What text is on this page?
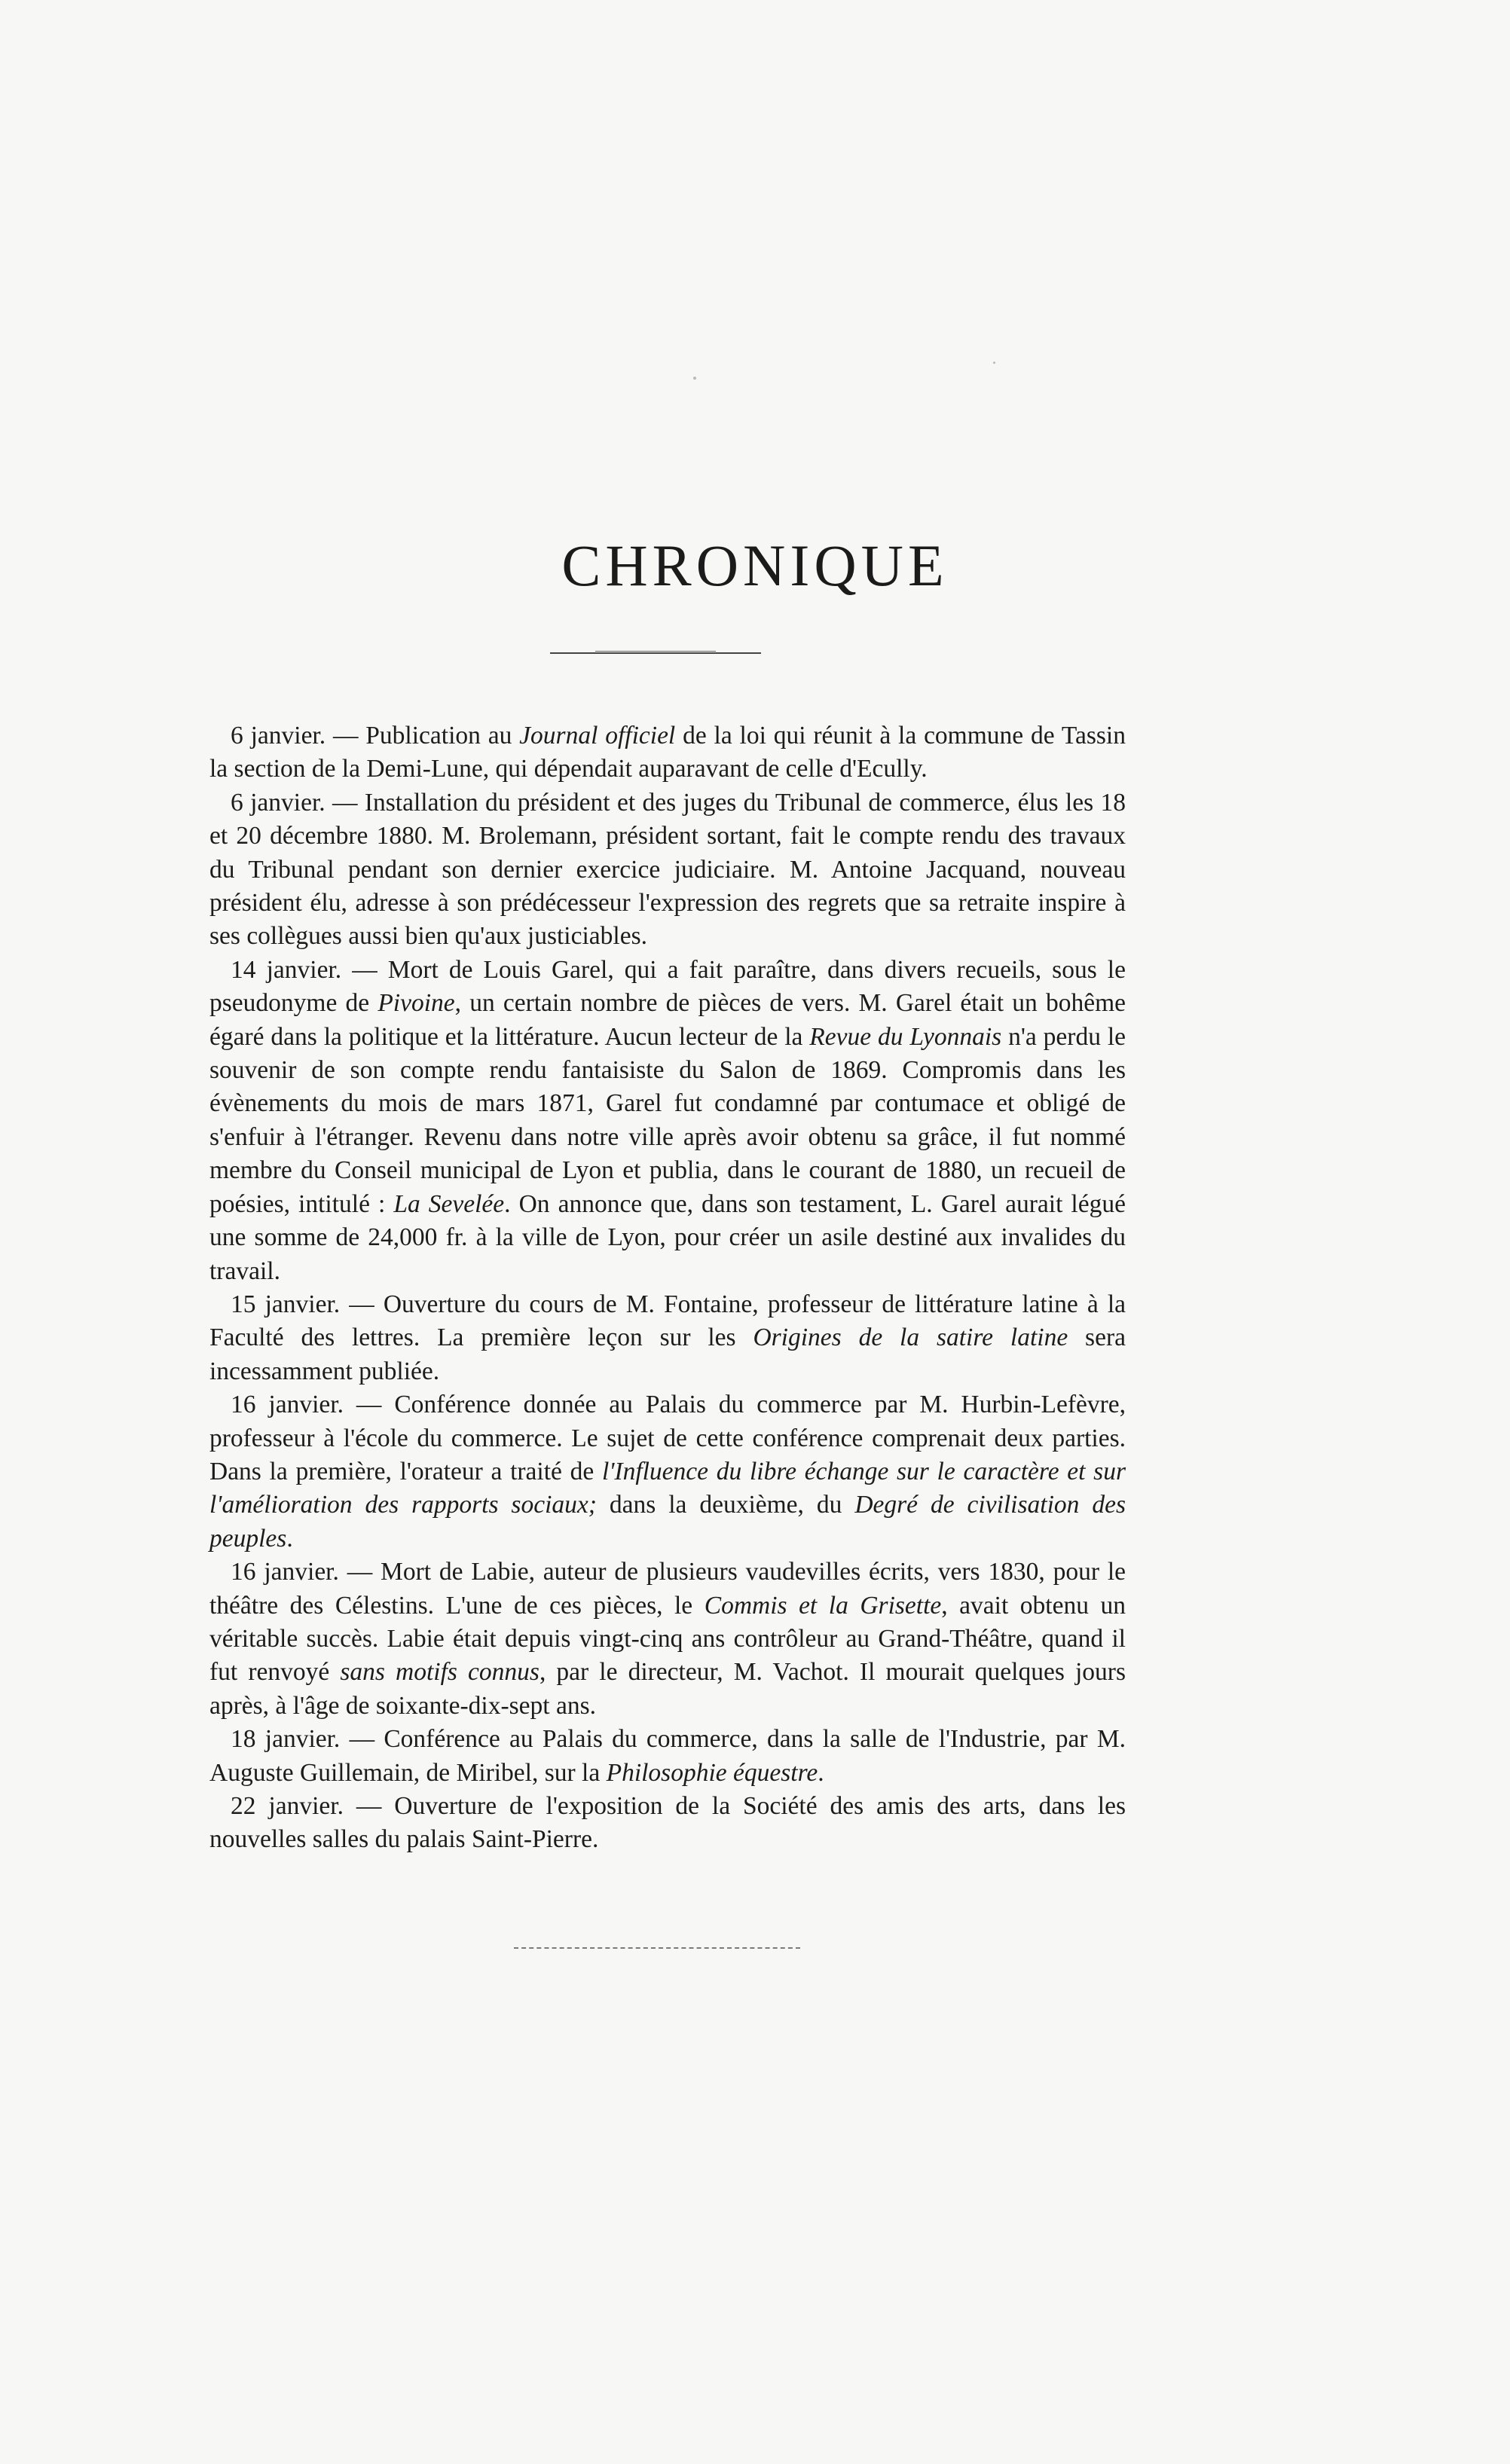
CHRONIQUE

6 janvier. — Publication au Journal officiel de la loi qui réunit à la commune de Tassin la section de la Demi-Lune, qui dépendait auparavant de celle d'Ecully.

6 janvier. — Installation du président et des juges du Tribunal de commerce, élus les 18 et 20 décembre 1880. M. Brolemann, président sortant, fait le compte rendu des travaux du Tribunal pendant son dernier exercice judiciaire. M. Antoine Jacquand, nouveau président élu, adresse à son prédécesseur l'expression des regrets que sa retraite inspire à ses collègues aussi bien qu'aux justiciables.

14 janvier. — Mort de Louis Garel, qui a fait paraître, dans divers recueils, sous le pseudonyme de Pivoine, un certain nombre de pièces de vers. M. Garel était un bohême égaré dans la politique et la littérature. Aucun lecteur de la Revue du Lyonnais n'a perdu le souvenir de son compte rendu fantaisiste du Salon de 1869. Compromis dans les évènements du mois de mars 1871, Garel fut condamné par contumace et obligé de s'enfuir à l'étranger. Revenu dans notre ville après avoir obtenu sa grâce, il fut nommé membre du Conseil municipal de Lyon et publia, dans le courant de 1880, un recueil de poésies, intitulé : La Sevelée. On annonce que, dans son testament, L. Garel aurait légué une somme de 24,000 fr. à la ville de Lyon, pour créer un asile destiné aux invalides du travail.

15 janvier. — Ouverture du cours de M. Fontaine, professeur de littérature latine à la Faculté des lettres. La première leçon sur les Origines de la satire latine sera incessamment publiée.

16 janvier. — Conférence donnée au Palais du commerce par M. Hurbin-Lefèvre, professeur à l'école du commerce. Le sujet de cette conférence comprenait deux parties. Dans la première, l'orateur a traité de l'Influence du libre échange sur le caractère et sur l'amélioration des rapports sociaux; dans la deuxième, du Degré de civilisation des peuples.

16 janvier. — Mort de Labie, auteur de plusieurs vaudevilles écrits, vers 1830, pour le théâtre des Célestins. L'une de ces pièces, le Commis et la Grisette, avait obtenu un véritable succès. Labie était depuis vingt-cinq ans contrôleur au Grand-Théâtre, quand il fut renvoyé sans motifs connus, par le directeur, M. Vachot. Il mourait quelques jours après, à l'âge de soixante-dix-sept ans.

18 janvier. — Conférence au Palais du commerce, dans la salle de l'Industrie, par M. Auguste Guillemain, de Miribel, sur la Philosophie équestre.

22 janvier. — Ouverture de l'exposition de la Société des amis des arts, dans les nouvelles salles du palais Saint-Pierre.
